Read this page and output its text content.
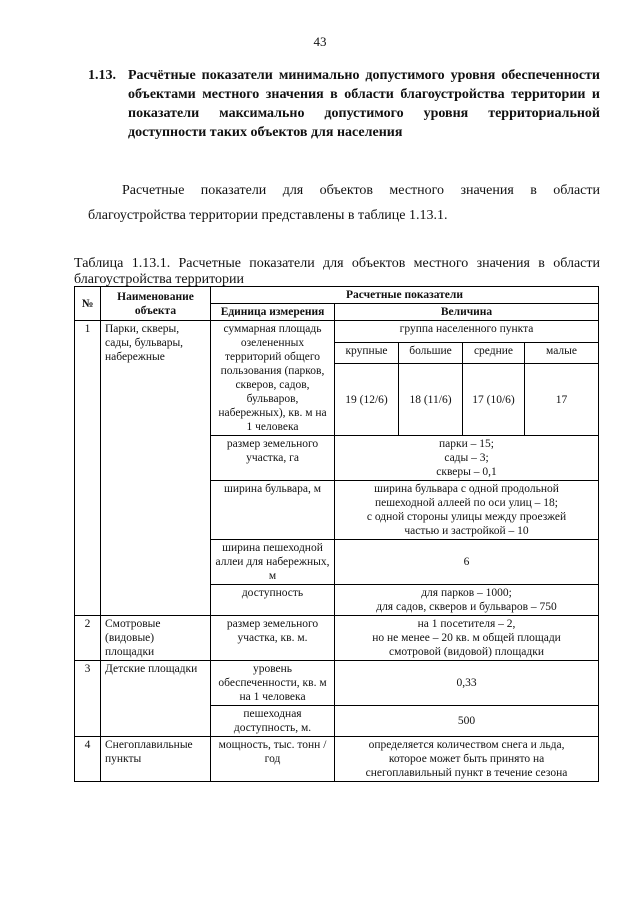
43
1.13. Расчётные показатели минимально допустимого уровня обеспеченности объектами местного значения в области благоустройства территории и показатели максимально допустимого уровня территориальной доступности таких объектов для населения
Расчетные показатели для объектов местного значения в области благоустройства территории представлены в таблице 1.13.1.
Таблица 1.13.1. Расчетные показатели для объектов местного значения в области благоустройства территории
№	Наименование объекта	Расчетные показатели				
		Единица измерения	Величина			
1	Парки, скверы, сады, бульвары, набережные	суммарная площадь озелененных территорий общего пользования (парков, скверов, садов, бульваров, набережных), кв. м на 1 человека	группа населенного пункта			
			крупные	большие	средние	малые
			19 (12/6)	18 (11/6)	17 (10/6)	17
		размер земельного участка, га	парки – 15;
сады – 3;
скверы – 0,1			

		ширина бульвара, м	ширина бульвара с одной продольной
пешеходной аллеей по оси улиц – 18;
с одной стороны улицы между проезжей
частью и застройкой – 10			

		ширина пешеходной аллеи для набережных, м	6			
		доступность	для парков – 1000;
для садов, скверов и бульваров – 750			

2	Смотровые (видовые) площадки	размер земельного участка, кв. м.	на 1 посетителя – 2,
но не менее – 20 кв. м общей площади
смотровой (видовой) площадки			

3	Детские площадки	уровень обеспеченности, кв. м на 1 человека	0,33			
		пешеходная доступность, м.	500			
4	Снегоплавильные пункты	мощность, тыс. тонн / год	определяется количеством снега и льда,
которое может быть принято на
снегоплавильный пункт в течение сезона			
